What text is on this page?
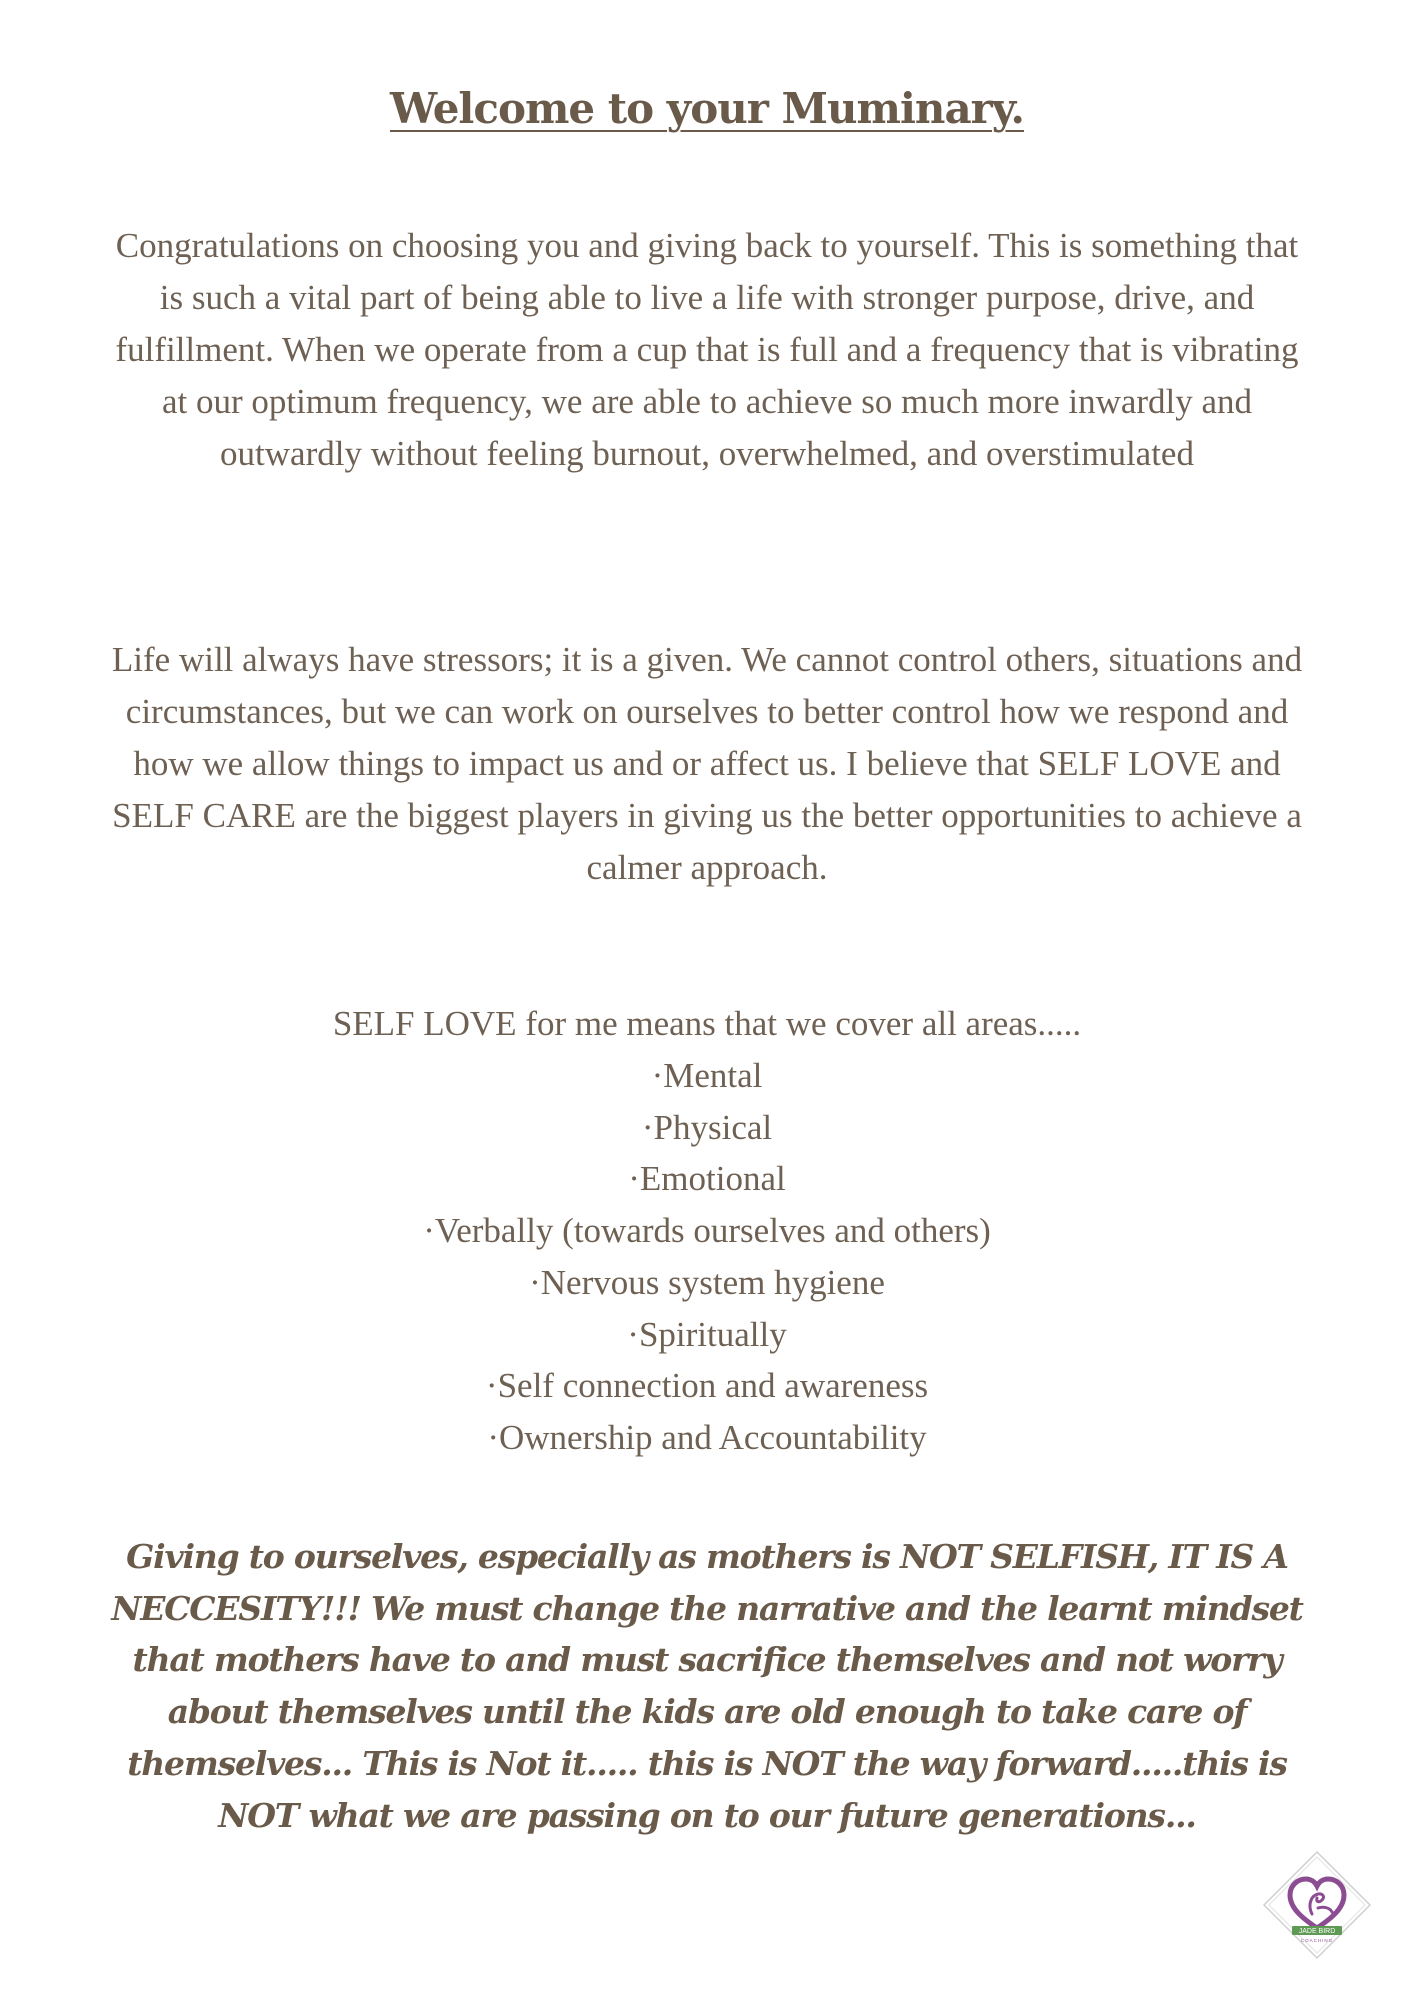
Welcome to your Muminary.

Congratulations on choosing you and giving back to yourself. This is something that is such a vital part of being able to live a life with stronger purpose, drive, and fulfillment. When we operate from a cup that is full and a frequency that is vibrating at our optimum frequency, we are able to achieve so much more inwardly and outwardly without feeling burnout, overwhelmed, and overstimulated

Life will always have stressors; it is a given. We cannot control others, situations and circumstances, but we can work on ourselves to better control how we respond and how we allow things to impact us and or affect us. I believe that SELF LOVE and SELF CARE are the biggest players in giving us the better opportunities to achieve a calmer approach.

SELF LOVE for me means that we cover all areas.....

· Mental
· Physical
· Emotional
· Verbally (towards ourselves and others)
· Nervous system hygiene
· Spiritually
· Self connection and awareness
· Ownership and Accountability

Giving to ourselves, especially as mothers is NOT SELFISH, IT IS A NECCESITY!!! We must change the narrative and the learnt mindset that mothers have to and must sacrifice themselves and not worry about themselves until the kids are old enough to take care of themselves... This is Not it..... this is NOT the way forward.....this is NOT what we are passing on to our future generations...

JADE BIRD
COACHING
